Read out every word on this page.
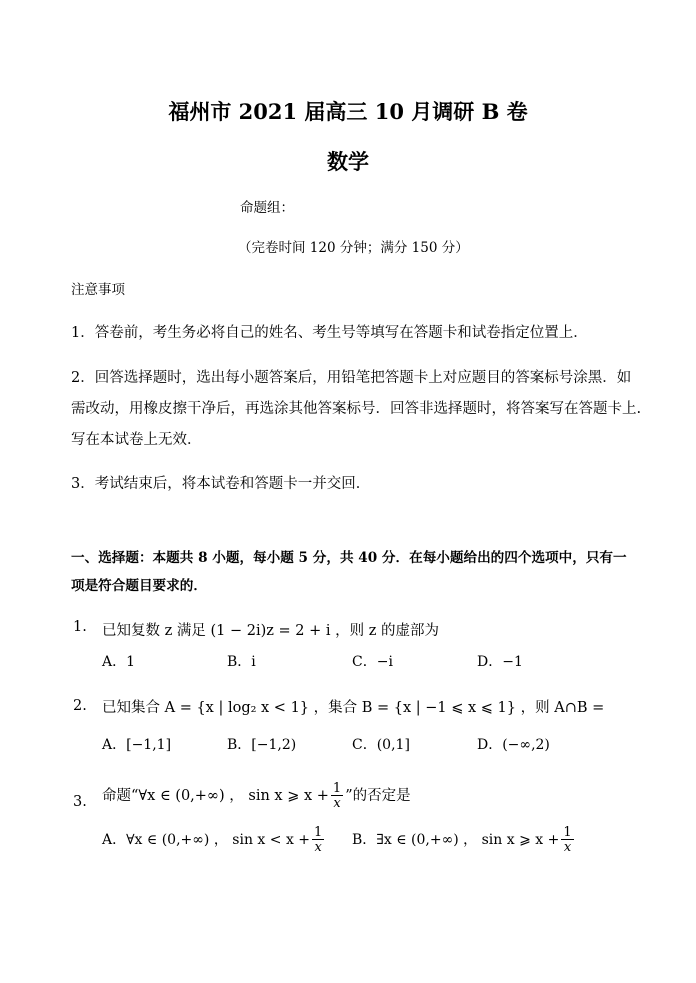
福州市 2021 届高三 10 月调研 B 卷
数学
命题组：
（完卷时间 120 分钟；满分 150 分）
注意事项
1．答卷前，考生务必将自己的姓名、考生号等填写在答题卡和试卷指定位置上．
2．回答选择题时，选出每小题答案后，用铅笔把答题卡上对应题目的答案标号涂黑．如
需改动，用橡皮擦干净后，再选涂其他答案标号．回答非选择题时，将答案写在答题卡上.
写在本试卷上无效．
3．考试结束后，将本试卷和答题卡一并交回．
一、选择题：本题共 8 小题，每小题 5 分，共 40 分．在每小题给出的四个选项中，只有一
项是符合题目要求的．
1. 已知复数 z 满足 (1 − 2i)z = 2 + i ，则 z 的虚部为
A．1	B．i	C．−i	D．−1
2. 已知集合 A = {x | log₂ x < 1} ，集合 B = {x | −1 ⩽ x ⩽ 1} ，则 A∩B =
A．[−1,1]	B．[−1,2)	C．(0,1]	D．(−∞,2)
3. 命题“∀x ∈ (0,+∞) ， sin x ⩾ $x + \frac{1}{x}$ ”的否定是
A．∀x ∈ (0,+∞) ， $\sin x < x + \frac{1}{x}$ B．∃x ∈ (0,+∞) ， sin x ⩾ $x + \frac{1}{x}$
